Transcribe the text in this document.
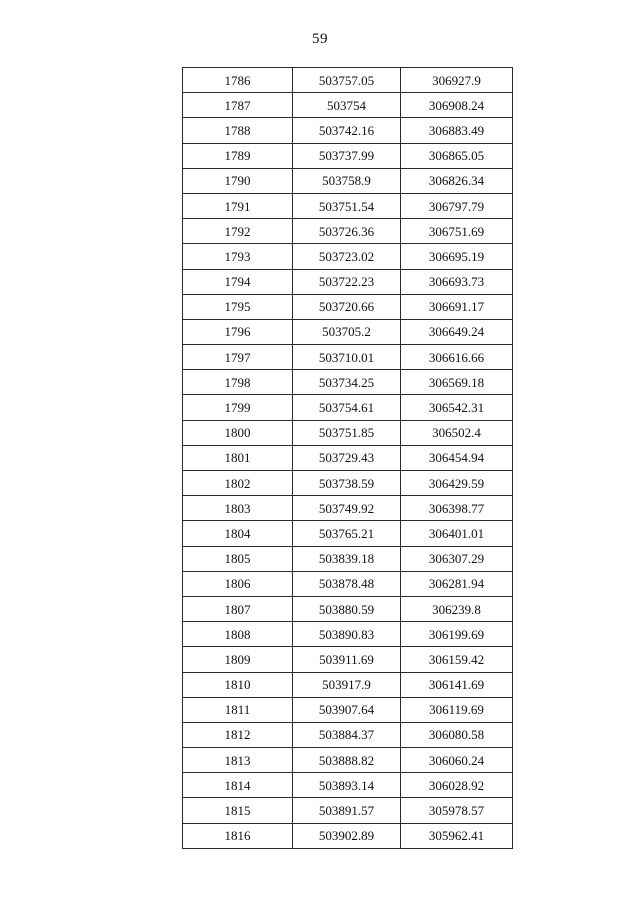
59
1786	503757.05	306927.9
1787	503754	306908.24
1788	503742.16	306883.49
1789	503737.99	306865.05
1790	503758.9	306826.34
1791	503751.54	306797.79
1792	503726.36	306751.69
1793	503723.02	306695.19
1794	503722.23	306693.73
1795	503720.66	306691.17
1796	503705.2	306649.24
1797	503710.01	306616.66
1798	503734.25	306569.18
1799	503754.61	306542.31
1800	503751.85	306502.4
1801	503729.43	306454.94
1802	503738.59	306429.59
1803	503749.92	306398.77
1804	503765.21	306401.01
1805	503839.18	306307.29
1806	503878.48	306281.94
1807	503880.59	306239.8
1808	503890.83	306199.69
1809	503911.69	306159.42
1810	503917.9	306141.69
1811	503907.64	306119.69
1812	503884.37	306080.58
1813	503888.82	306060.24
1814	503893.14	306028.92
1815	503891.57	305978.57
1816	503902.89	305962.41
